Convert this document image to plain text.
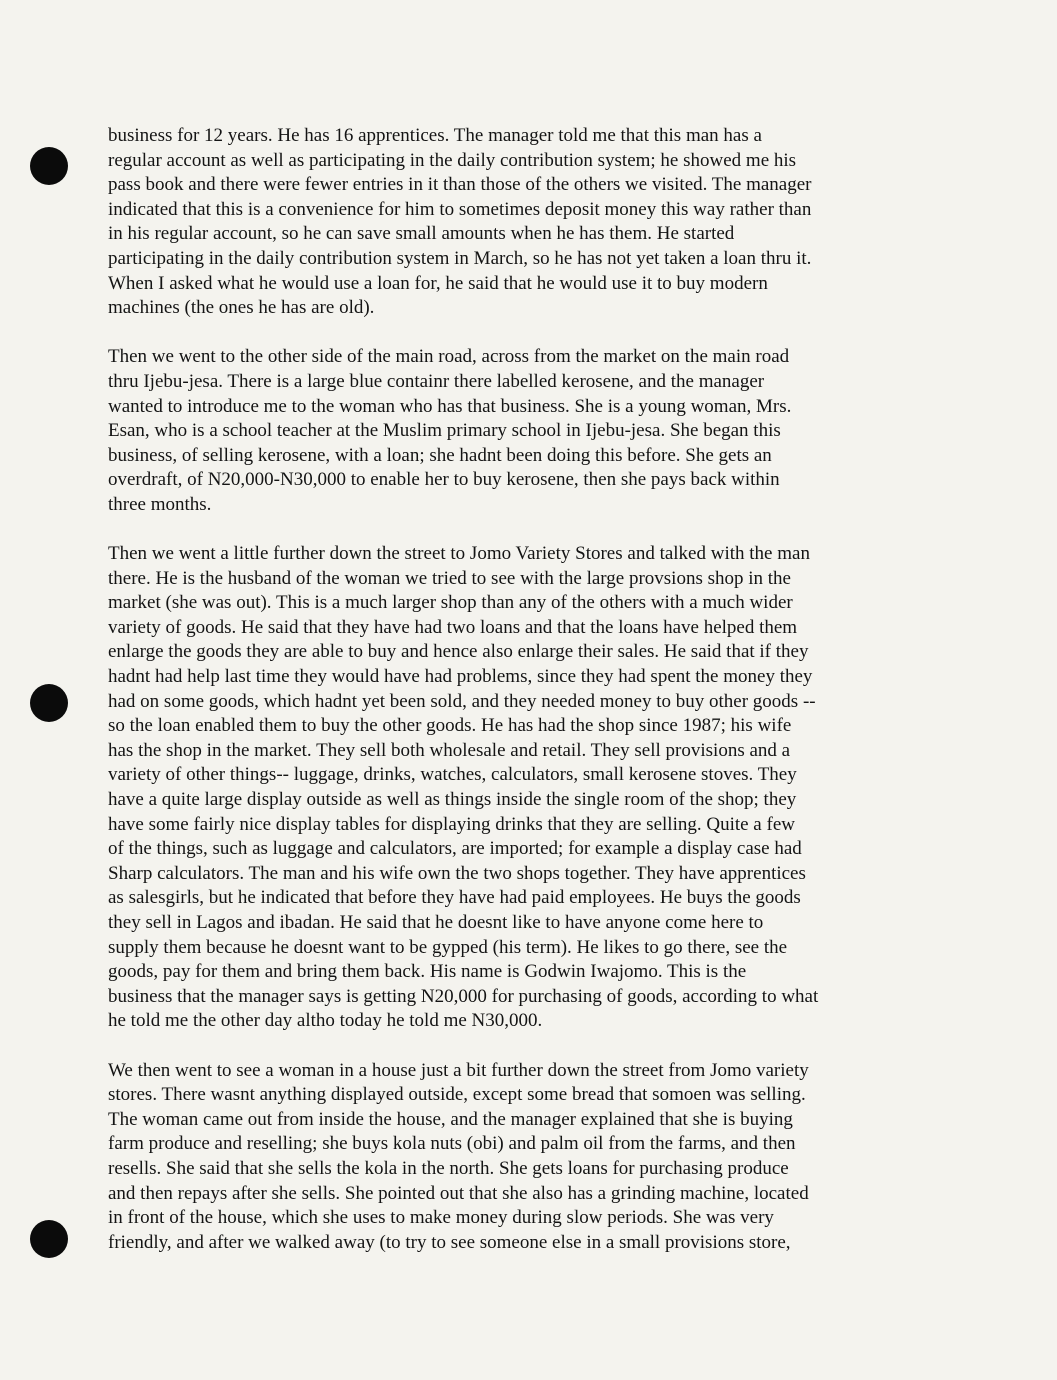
business for 12 years. He has 16 apprentices. The manager told me that this man has a
regular account as well as participating in the daily contribution system; he showed me his
pass book and there were fewer entries in it than those of the others we visited. The manager
indicated that this is a convenience for him to sometimes deposit money this way rather than
in his regular account, so he can save small amounts when he has them. He started
participating in the daily contribution system in March, so he has not yet taken a loan thru it.
When I asked what he would use a loan for, he said that he would use it to buy modern
machines (the ones he has are old).

Then we went to the other side of the main road, across from the market on the main road
thru Ijebu-jesa. There is a large blue containr there labelled kerosene, and the manager
wanted to introduce me to the woman who has that business. She is a young woman, Mrs.
Esan, who is a school teacher at the Muslim primary school in Ijebu-jesa. She began this
business, of selling kerosene, with a loan; she hadnt been doing this before. She gets an
overdraft, of N20,000-N30,000 to enable her to buy kerosene, then she pays back within
three months.

Then we went a little further down the street to Jomo Variety Stores and talked with the man
there. He is the husband of the woman we tried to see with the large provsions shop in the
market (she was out). This is a much larger shop than any of the others with a much wider
variety of goods. He said that they have had two loans and that the loans have helped them
enlarge the goods they are able to buy and hence also enlarge their sales. He said that if they
hadnt had help last time they would have had problems, since they had spent the money they
had on some goods, which hadnt yet been sold, and they needed money to buy other goods --
so the loan enabled them to buy the other goods. He has had the shop since 1987; his wife
has the shop in the market. They sell both wholesale and retail. They sell provisions and a
variety of other things-- luggage, drinks, watches, calculators, small kerosene stoves. They
have a quite large display outside as well as things inside the single room of the shop; they
have some fairly nice display tables for displaying drinks that they are selling. Quite a few
of the things, such as luggage and calculators, are imported; for example a display case had
Sharp calculators. The man and his wife own the two shops together. They have apprentices
as salesgirls, but he indicated that before they have had paid employees. He buys the goods
they sell in Lagos and ibadan. He said that he doesnt like to have anyone come here to
supply them because he doesnt want to be gypped (his term). He likes to go there, see the
goods, pay for them and bring them back. His name is Godwin Iwajomo. This is the
business that the manager says is getting N20,000 for purchasing of goods, according to what
he told me the other day altho today he told me N30,000.

We then went to see a woman in a house just a bit further down the street from Jomo variety
stores. There wasnt anything displayed outside, except some bread that somoen was selling.
The woman came out from inside the house, and the manager explained that she is buying
farm produce and reselling; she buys kola nuts (obi) and palm oil from the farms, and then
resells. She said that she sells the kola in the north. She gets loans for purchasing produce
and then repays after she sells. She pointed out that she also has a grinding machine, located
in front of the house, which she uses to make money during slow periods. She was very
friendly, and after we walked away (to try to see someone else in a small provisions store,
